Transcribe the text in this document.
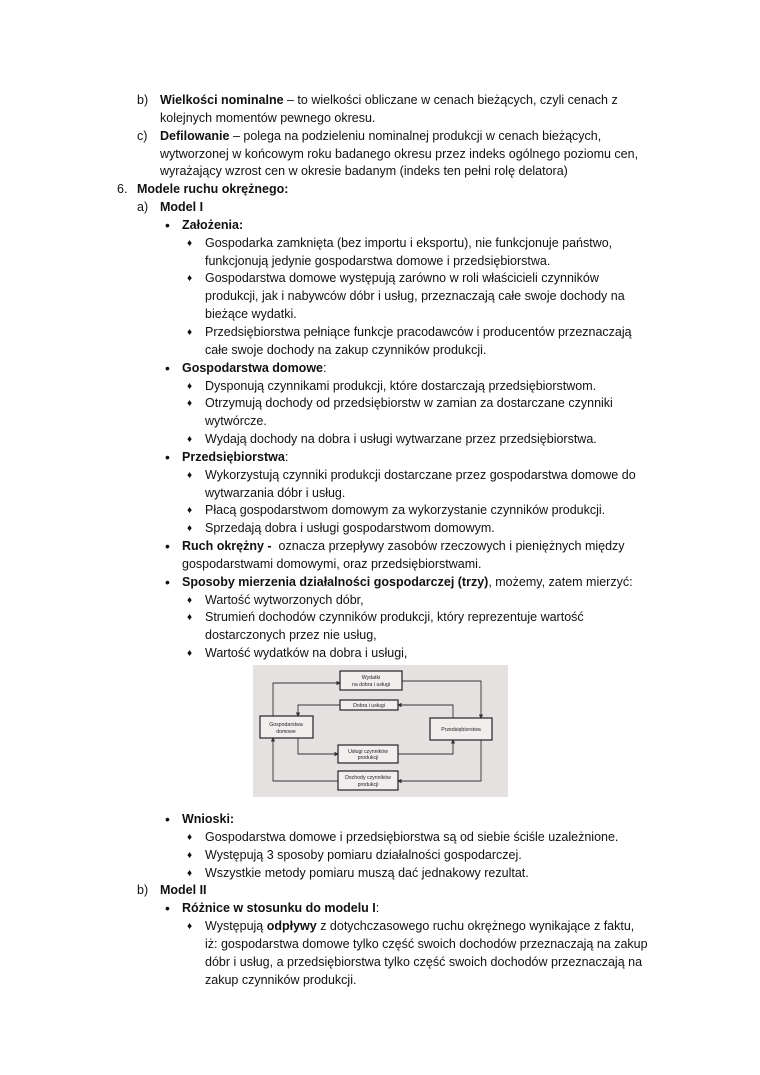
b) Wielkości nominalne – to wielkości obliczane w cenach bieżących, czyli cenach z
kolejnych momentów pewnego okresu.
c) Defilowanie – polega na podzieleniu nominalnej produkcji w cenach bieżących,
wytworzonej w końcowym roku badanego okresu przez indeks ogólnego poziomu cen,
wyrażający wzrost cen w okresie badanym (indeks ten pełni rolę delatora)
6. Modele ruchu okrężnego:
a) Model I
• Założenia:
♦ Gospodarka zamknięta (bez importu i eksportu), nie funkcjonuje państwo,
funkcjonują jedynie gospodarstwa domowe i przedsiębiorstwa.
♦ Gospodarstwa domowe występują zarówno w roli właścicieli czynników
produkcji, jak i nabywców dóbr i usług, przeznaczają całe swoje dochody na
bieżące wydatki.
♦ Przedsiębiorstwa pełniące funkcje pracodawców i producentów przeznaczają
całe swoje dochody na zakup czynników produkcji.
• Gospodarstwa domowe:
♦ Dysponują czynnikami produkcji, które dostarczają przedsiębiorstwom.
♦ Otrzymują dochody od przedsiębiorstw w zamian za dostarczane czynniki
wytwórcze.
♦ Wydają dochody na dobra i usługi wytwarzane przez przedsiębiorstwa.
• Przedsiębiorstwa:
♦ Wykorzystują czynniki produkcji dostarczane przez gospodarstwa domowe do
wytwarzania dóbr i usług.
♦ Płacą gospodarstwom domowym za wykorzystanie czynników produkcji.
♦ Sprzedają dobra i usługi gospodarstwom domowym.
• Ruch okrężny -  oznacza przepływy zasobów rzeczowych i pieniężnych między
gospodarstwami domowymi, oraz przedsiębiorstwami.
• Sposoby mierzenia działalności gospodarczej (trzy), możemy, zatem mierzyć:
♦ Wartość wytworzonych dóbr,
♦ Strumień dochodów czynników produkcji, który reprezentuje wartość
dostarczonych przez nie usług,
♦ Wartość wydatków na dobra i usługi,
Wydatki
na dobra i usługi
Dobra i usługi
Gospodarstwa
domowe	Przedsiębiorstwa
Usługi czynników
produkcji
Dochody czynników
produkcji
• Wnioski:
♦ Gospodarstwa domowe i przedsiębiorstwa są od siebie ściśle uzależnione.
♦ Występują 3 sposoby pomiaru działalności gospodarczej.
♦ Wszystkie metody pomiaru muszą dać jednakowy rezultat.
b) Model II
• Różnice w stosunku do modelu I:
♦ Występują odpływy z dotychczasowego ruchu okrężnego wynikające z faktu,
iż: gospodarstwa domowe tylko część swoich dochodów przeznaczają na zakup
dóbr i usług, a przedsiębiorstwa tylko część swoich dochodów przeznaczają na
zakup czynników produkcji.
